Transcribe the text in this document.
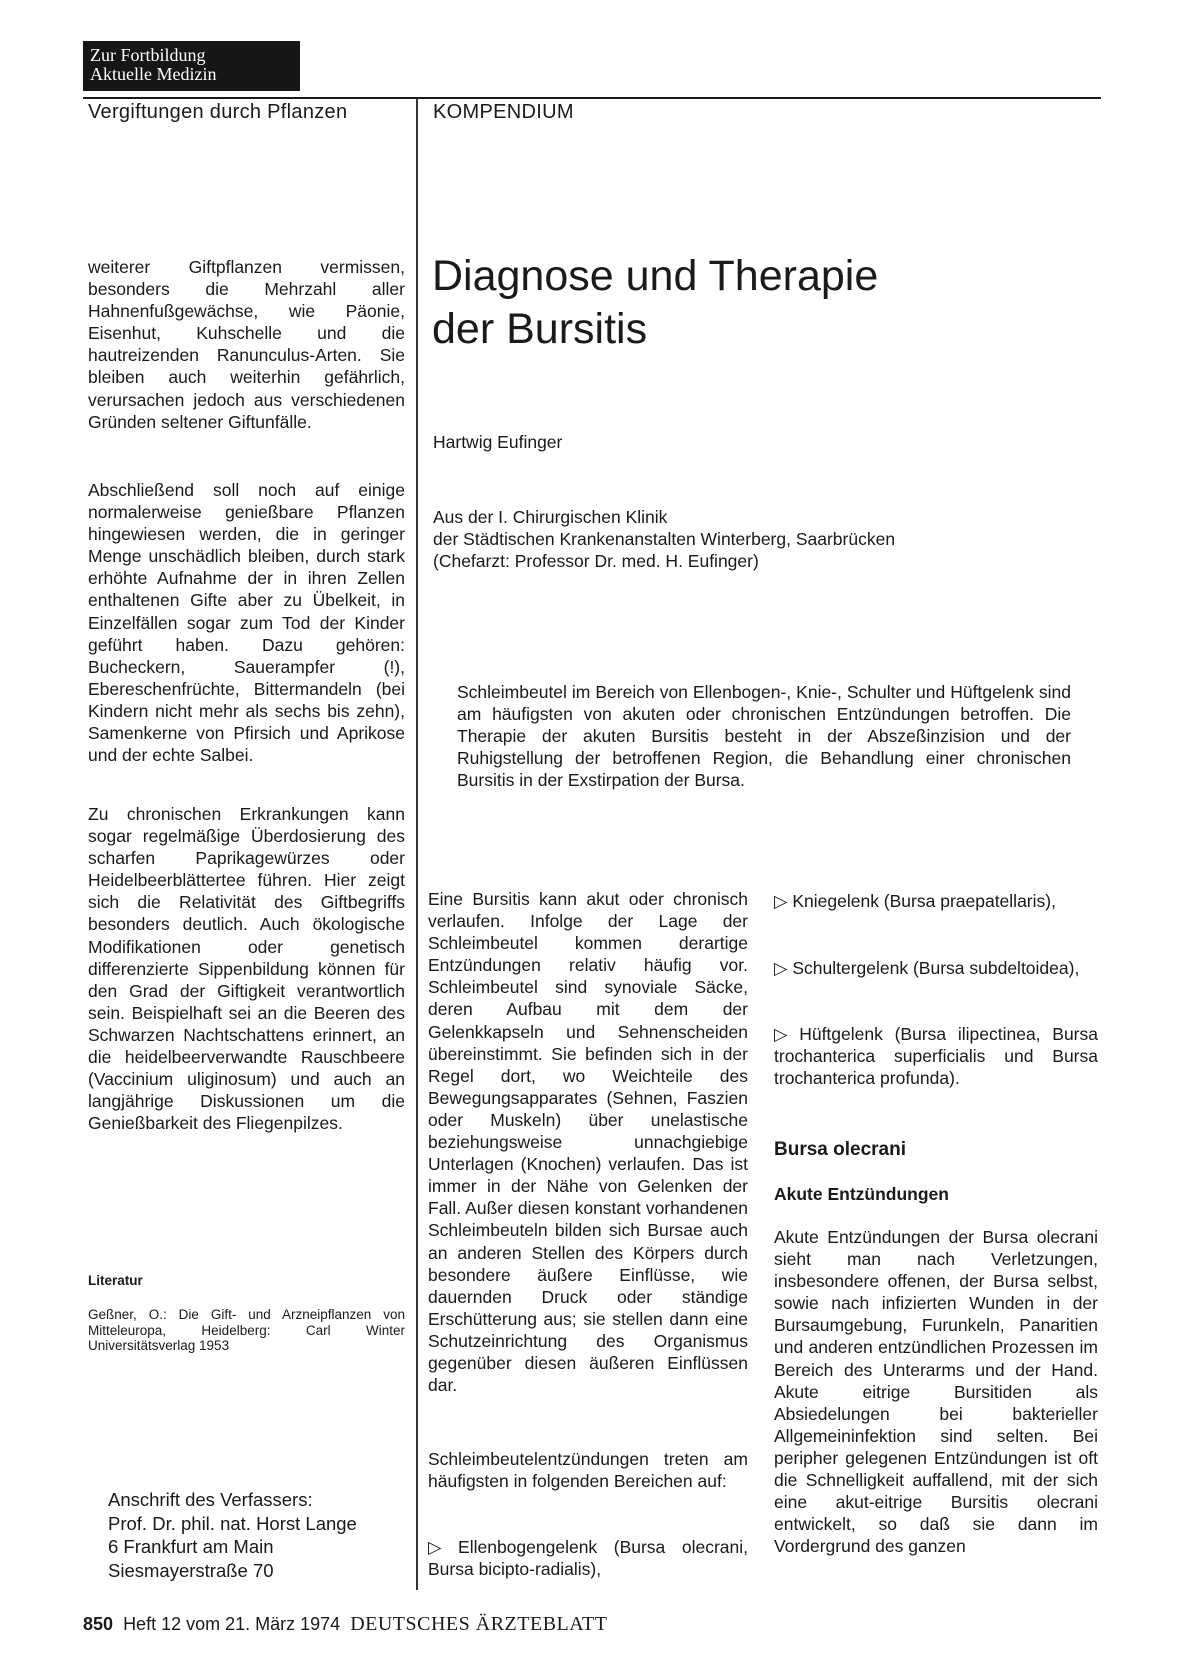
Zur Fortbildung
Aktuelle Medizin
Vergiftungen durch Pflanzen	KOMPENDIUM
weiterer Giftpflanzen vermissen, besonders die Mehrzahl aller Hahnenfußgewächse, wie Päonie, Eisenhut, Kuhschelle und die hautreizenden Ranunculus-Arten. Sie bleiben auch weiterhin gefährlich, verursachen jedoch aus verschiedenen Gründen seltener Giftunfälle.
Abschließend soll noch auf einige normalerweise genießbare Pflanzen hingewiesen werden, die in geringer Menge unschädlich bleiben, durch stark erhöhte Aufnahme der in ihren Zellen enthaltenen Gifte aber zu Übelkeit, in Einzelfällen sogar zum Tod der Kinder geführt haben. Dazu gehören: Bucheckern, Sauerampfer (!), Ebereschenfrüchte, Bittermandeln (bei Kindern nicht mehr als sechs bis zehn), Samenkerne von Pfirsich und Aprikose und der echte Salbei.
Zu chronischen Erkrankungen kann sogar regelmäßige Überdosierung des scharfen Paprikagewürzes oder Heidelbeerblättertee führen. Hier zeigt sich die Relativität des Giftbegriffs besonders deutlich. Auch ökologische Modifikationen oder genetisch differenzierte Sippenbildung können für den Grad der Giftigkeit verantwortlich sein. Beispielhaft sei an die Beeren des Schwarzen Nachtschattens erinnert, an die heidelbeerverwandte Rauschbeere (Vaccinium uliginosum) und auch an langjährige Diskussionen um die Genießbarkeit des Fliegenpilzes.
Literatur
Geßner, O.: Die Gift- und Arzneipflanzen von Mitteleuropa, Heidelberg: Carl Winter Universitätsverlag 1953
Anschrift des Verfassers:
Prof. Dr. phil. nat. Horst Lange
6 Frankfurt am Main
Siesmayerstraße 70
Diagnose und Therapie
der Bursitis
Hartwig Eufinger
Aus der I. Chirurgischen Klinik
der Städtischen Krankenanstalten Winterberg, Saarbrücken
(Chefarzt: Professor Dr. med. H. Eufinger)

Schleimbeutel im Bereich von Ellenbogen-, Knie-, Schulter und Hüftgelenk sind am häufigsten von akuten oder chronischen Entzündungen betroffen. Die Therapie der akuten Bursitis besteht in der Abszeßinzision und der Ruhigstellung der betroffenen Region, die Behandlung einer chronischen Bursitis in der Exstirpation der Bursa.

Eine Bursitis kann akut oder chronisch verlaufen. Infolge der Lage der Schleimbeutel kommen derartige Entzündungen relativ häufig vor. Schleimbeutel sind synoviale Säcke, deren Aufbau mit dem der Gelenkkapseln und Sehnenscheiden übereinstimmt. Sie befinden sich in der Regel dort, wo Weichteile des Bewegungsapparates (Sehnen, Faszien oder Muskeln) über unelastische beziehungsweise unnachgiebige Unterlagen (Knochen) verlaufen. Das ist immer in der Nähe von Gelenken der Fall. Außer diesen konstant vorhandenen Schleimbeuteln bilden sich Bursae auch an anderen Stellen des Körpers durch besondere äußere Einflüsse, wie dauernden Druck oder ständige Erschütterung aus; sie stellen dann eine Schutzeinrichtung des Organismus gegenüber diesen äußeren Einflüssen dar.
Schleimbeutelentzündungen treten am häufigsten in folgenden Bereichen auf:
▷ Ellenbogengelenk (Bursa olecrani, Bursa bicipto-radialis),
▷ Kniegelenk (Bursa praepatellaris),
▷ Schultergelenk (Bursa subdeltoidea),
▷ Hüftgelenk (Bursa ilipectinea, Bursa trochanterica superficialis und Bursa trochanterica profunda).
Bursa olecrani
Akute Entzündungen
Akute Entzündungen der Bursa olecrani sieht man nach Verletzungen, insbesondere offenen, der Bursa selbst, sowie nach infizierten Wunden in der Bursaumgebung, Furunkeln, Panaritien und anderen entzündlichen Prozessen im Bereich des Unterarms und der Hand. Akute eitrige Bursitiden als Absiedelungen bei bakterieller Allgemeininfektion sind selten. Bei peripher gelegenen Entzündungen ist oft die Schnelligkeit auffallend, mit der sich eine akut-eitrige Bursitis olecrani entwickelt, so daß sie dann im Vordergrund des ganzen
850 Heft 12 vom 21. März 1974 DEUTSCHES ÄRZTEBLATT
